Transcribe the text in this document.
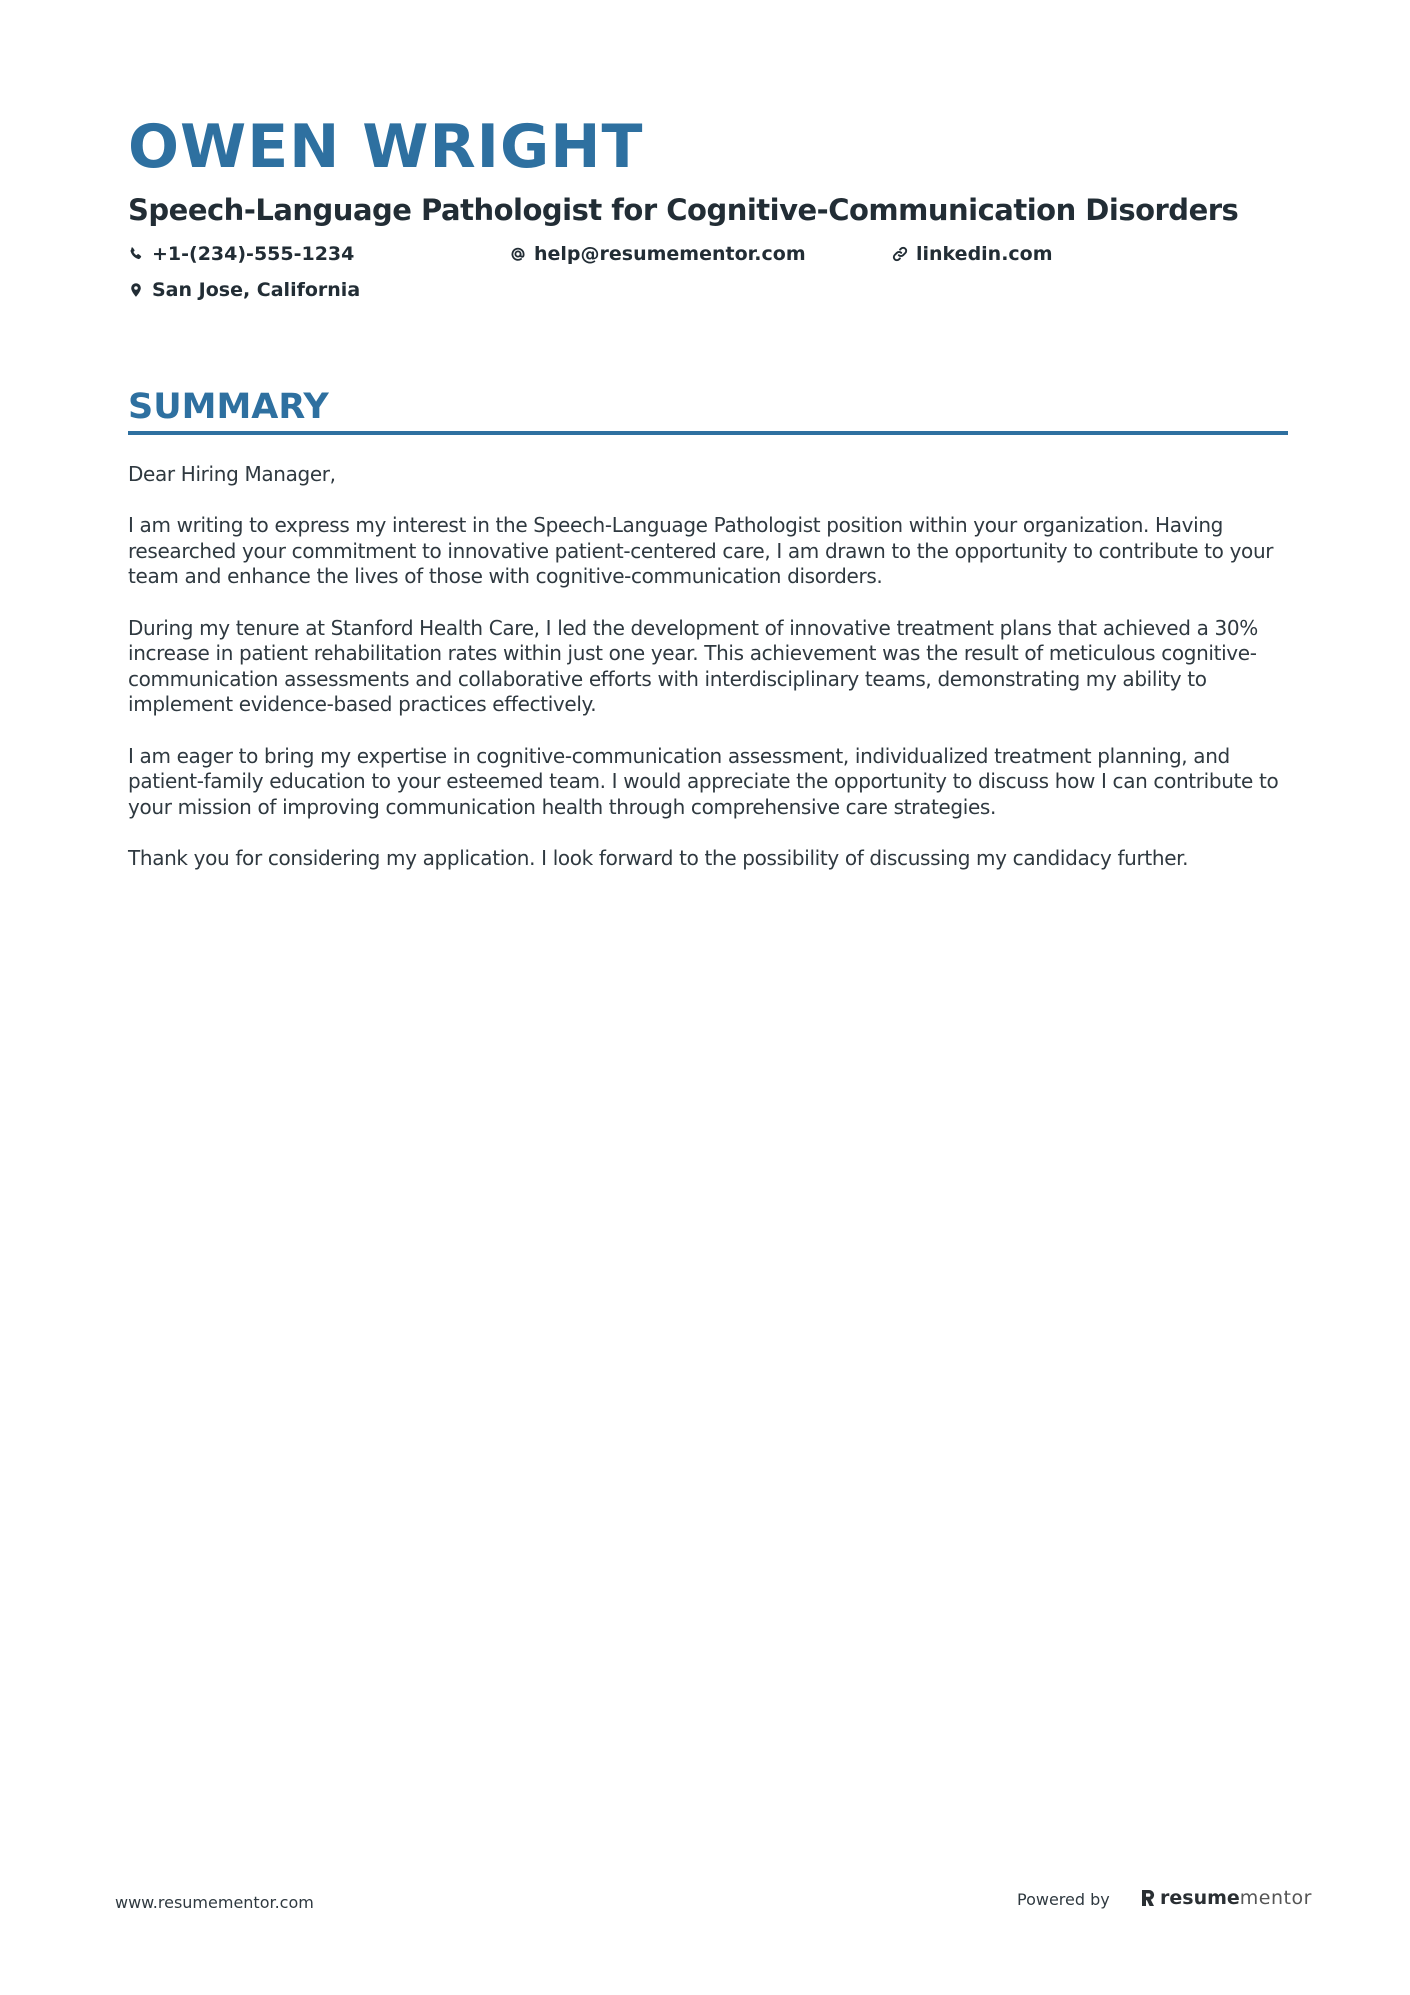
OWEN WRIGHT
Speech-Language Pathologist for Cognitive-Communication Disorders
+1-(234)-555-1234	help@resumementor.com	linkedin.com
San Jose, California
SUMMARY

Dear Hiring Manager,

I am writing to express my interest in the Speech-Language Pathologist position within your organization. Having researched your commitment to innovative patient-centered care, I am drawn to the opportunity to contribute to your team and enhance the lives of those with cognitive-communication disorders.

During my tenure at Stanford Health Care, I led the development of innovative treatment plans that achieved a 30% increase in patient rehabilitation rates within just one year. This achievement was the result of meticulous cognitive-communication assessments and collaborative efforts with interdisciplinary teams, demonstrating my ability to implement evidence-based practices effectively.

I am eager to bring my expertise in cognitive-communication assessment, individualized treatment planning, and patient-family education to your esteemed team. I would appreciate the opportunity to discuss how I can contribute to your mission of improving communication health through comprehensive care strategies.

Thank you for considering my application. I look forward to the possibility of discussing my candidacy further.

www.resumementor.com	Powered by	resumementor
